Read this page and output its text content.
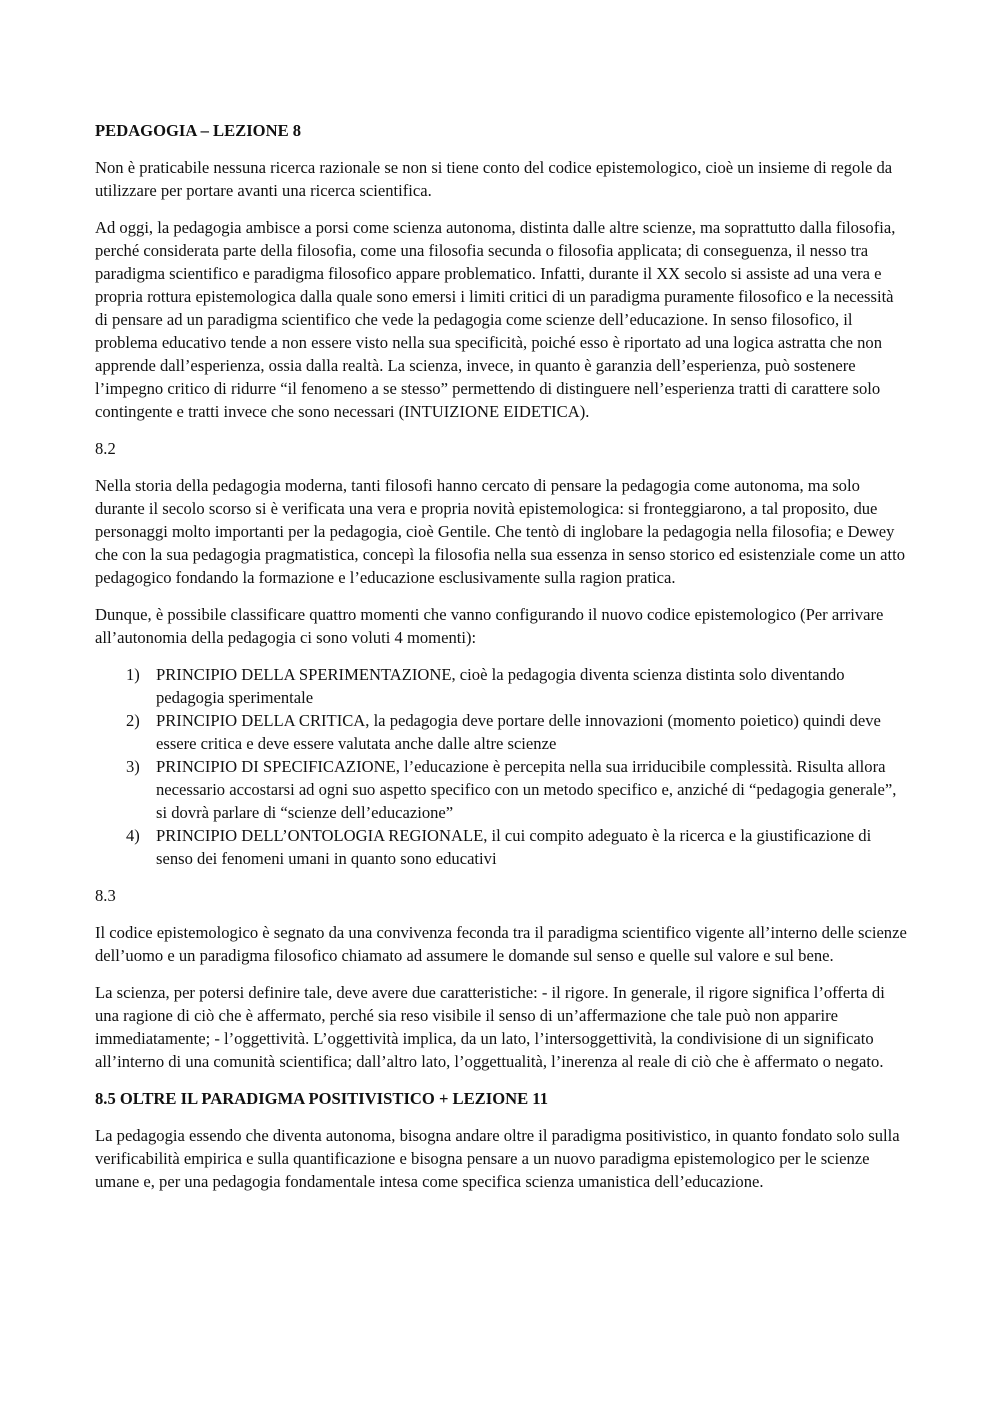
PEDAGOGIA – LEZIONE 8

Non è praticabile nessuna ricerca razionale se non si tiene conto del codice epistemologico, cioè un insieme di regole da utilizzare per portare avanti una ricerca scientifica.

Ad oggi, la pedagogia ambisce a porsi come scienza autonoma, distinta dalle altre scienze, ma soprattutto dalla filosofia, perché considerata parte della filosofia, come una filosofia secunda o filosofia applicata; di conseguenza, il nesso tra paradigma scientifico e paradigma filosofico appare problematico. Infatti, durante il XX secolo si assiste ad una vera e propria rottura epistemologica dalla quale sono emersi i limiti critici di un paradigma puramente filosofico e la necessità di pensare ad un paradigma scientifico che vede la pedagogia come scienze dell’educazione. In senso filosofico, il problema educativo tende a non essere visto nella sua specificità, poiché esso è riportato ad una logica astratta che non apprende dall’esperienza, ossia dalla realtà. La scienza, invece, in quanto è garanzia dell’esperienza, può sostenere l’impegno critico di ridurre “il fenomeno a se stesso” permettendo di distinguere nell’esperienza tratti di carattere solo contingente e tratti invece che sono necessari (INTUIZIONE EIDETICA).

8.2

Nella storia della pedagogia moderna, tanti filosofi hanno cercato di pensare la pedagogia come autonoma, ma solo durante il secolo scorso si è verificata una vera e propria novità epistemologica: si fronteggiarono, a tal proposito, due personaggi molto importanti per la pedagogia, cioè Gentile. Che tentò di inglobare la pedagogia nella filosofia; e Dewey che con la sua pedagogia pragmatistica, concepì la filosofia nella sua essenza in senso storico ed esistenziale come un atto pedagogico fondando la formazione e l’educazione esclusivamente sulla ragion pratica.

Dunque, è possibile classificare quattro momenti che vanno configurando il nuovo codice epistemologico (Per arrivare all’autonomia della pedagogia ci sono voluti 4 momenti):

1) PRINCIPIO DELLA SPERIMENTAZIONE, cioè la pedagogia diventa scienza distinta solo diventando pedagogia sperimentale
2) PRINCIPIO DELLA CRITICA, la pedagogia deve portare delle innovazioni (momento poietico) quindi deve essere critica e deve essere valutata anche dalle altre scienze
3) PRINCIPIO DI SPECIFICAZIONE, l’educazione è percepita nella sua irriducibile complessità. Risulta allora necessario accostarsi ad ogni suo aspetto specifico con un metodo specifico e, anziché di “pedagogia generale”, si dovrà parlare di “scienze dell’educazione”
4) PRINCIPIO DELL’ONTOLOGIA REGIONALE, il cui compito adeguato è la ricerca e la giustificazione di senso dei fenomeni umani in quanto sono educativi

8.3

Il codice epistemologico è segnato da una convivenza feconda tra il paradigma scientifico vigente all’interno delle scienze dell’uomo e un paradigma filosofico chiamato ad assumere le domande sul senso e quelle sul valore e sul bene.

La scienza, per potersi definire tale, deve avere due caratteristiche: - il rigore. In generale, il rigore significa l’offerta di una ragione di ciò che è affermato, perché sia reso visibile il senso di un’affermazione che tale può non apparire immediatamente; - l’oggettività. L’oggettività implica, da un lato, l’intersoggettività, la condivisione di un significato all’interno di una comunità scientifica; dall’altro lato, l’oggettualità, l’inerenza al reale di ciò che è affermato o negato.

8.5 OLTRE IL PARADIGMA POSITIVISTICO + LEZIONE 11

La pedagogia essendo che diventa autonoma, bisogna andare oltre il paradigma positivistico, in quanto fondato solo sulla verificabilità empirica e sulla quantificazione e bisogna pensare a un nuovo paradigma epistemologico per le scienze umane e, per una pedagogia fondamentale intesa come specifica scienza umanistica dell’educazione.
